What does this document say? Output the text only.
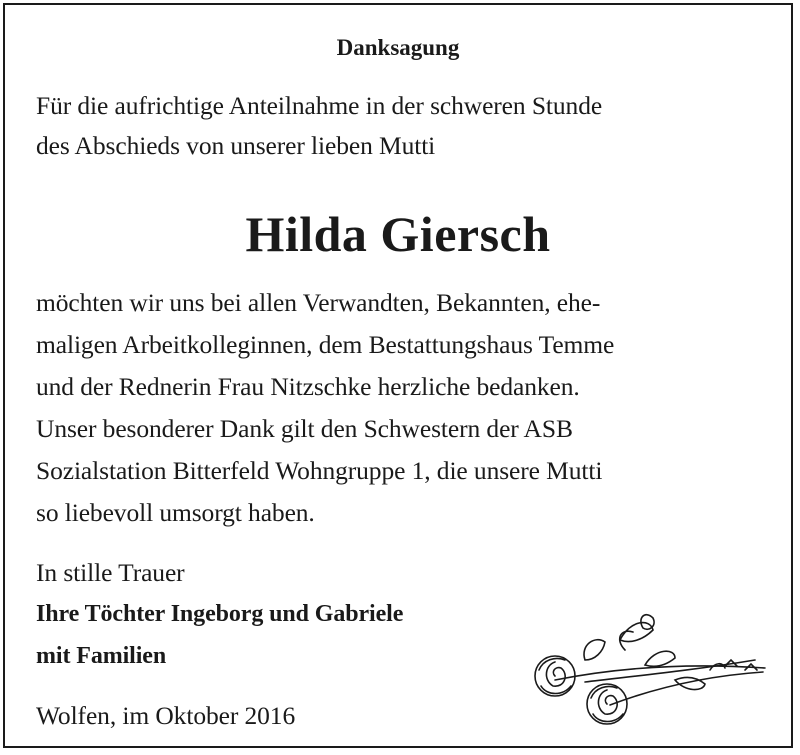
Danksagung
Für die aufrichtige Anteilnahme in der schweren Stunde
des Abschieds von unserer lieben Mutti
Hilda Giersch
möchten wir uns bei allen Verwandten, Bekannten, ehe-
maligen Arbeitkolleginnen, dem Bestattungshaus Temme
und der Rednerin Frau Nitzschke herzliche bedanken.
Unser besonderer Dank gilt den Schwestern der ASB
Sozialstation Bitterfeld Wohngruppe 1, die unsere Mutti
so liebevoll umsorgt haben.
In stille Trauer
Ihre Töchter Ingeborg und Gabriele
mit Familien
Wolfen, im Oktober 2016
